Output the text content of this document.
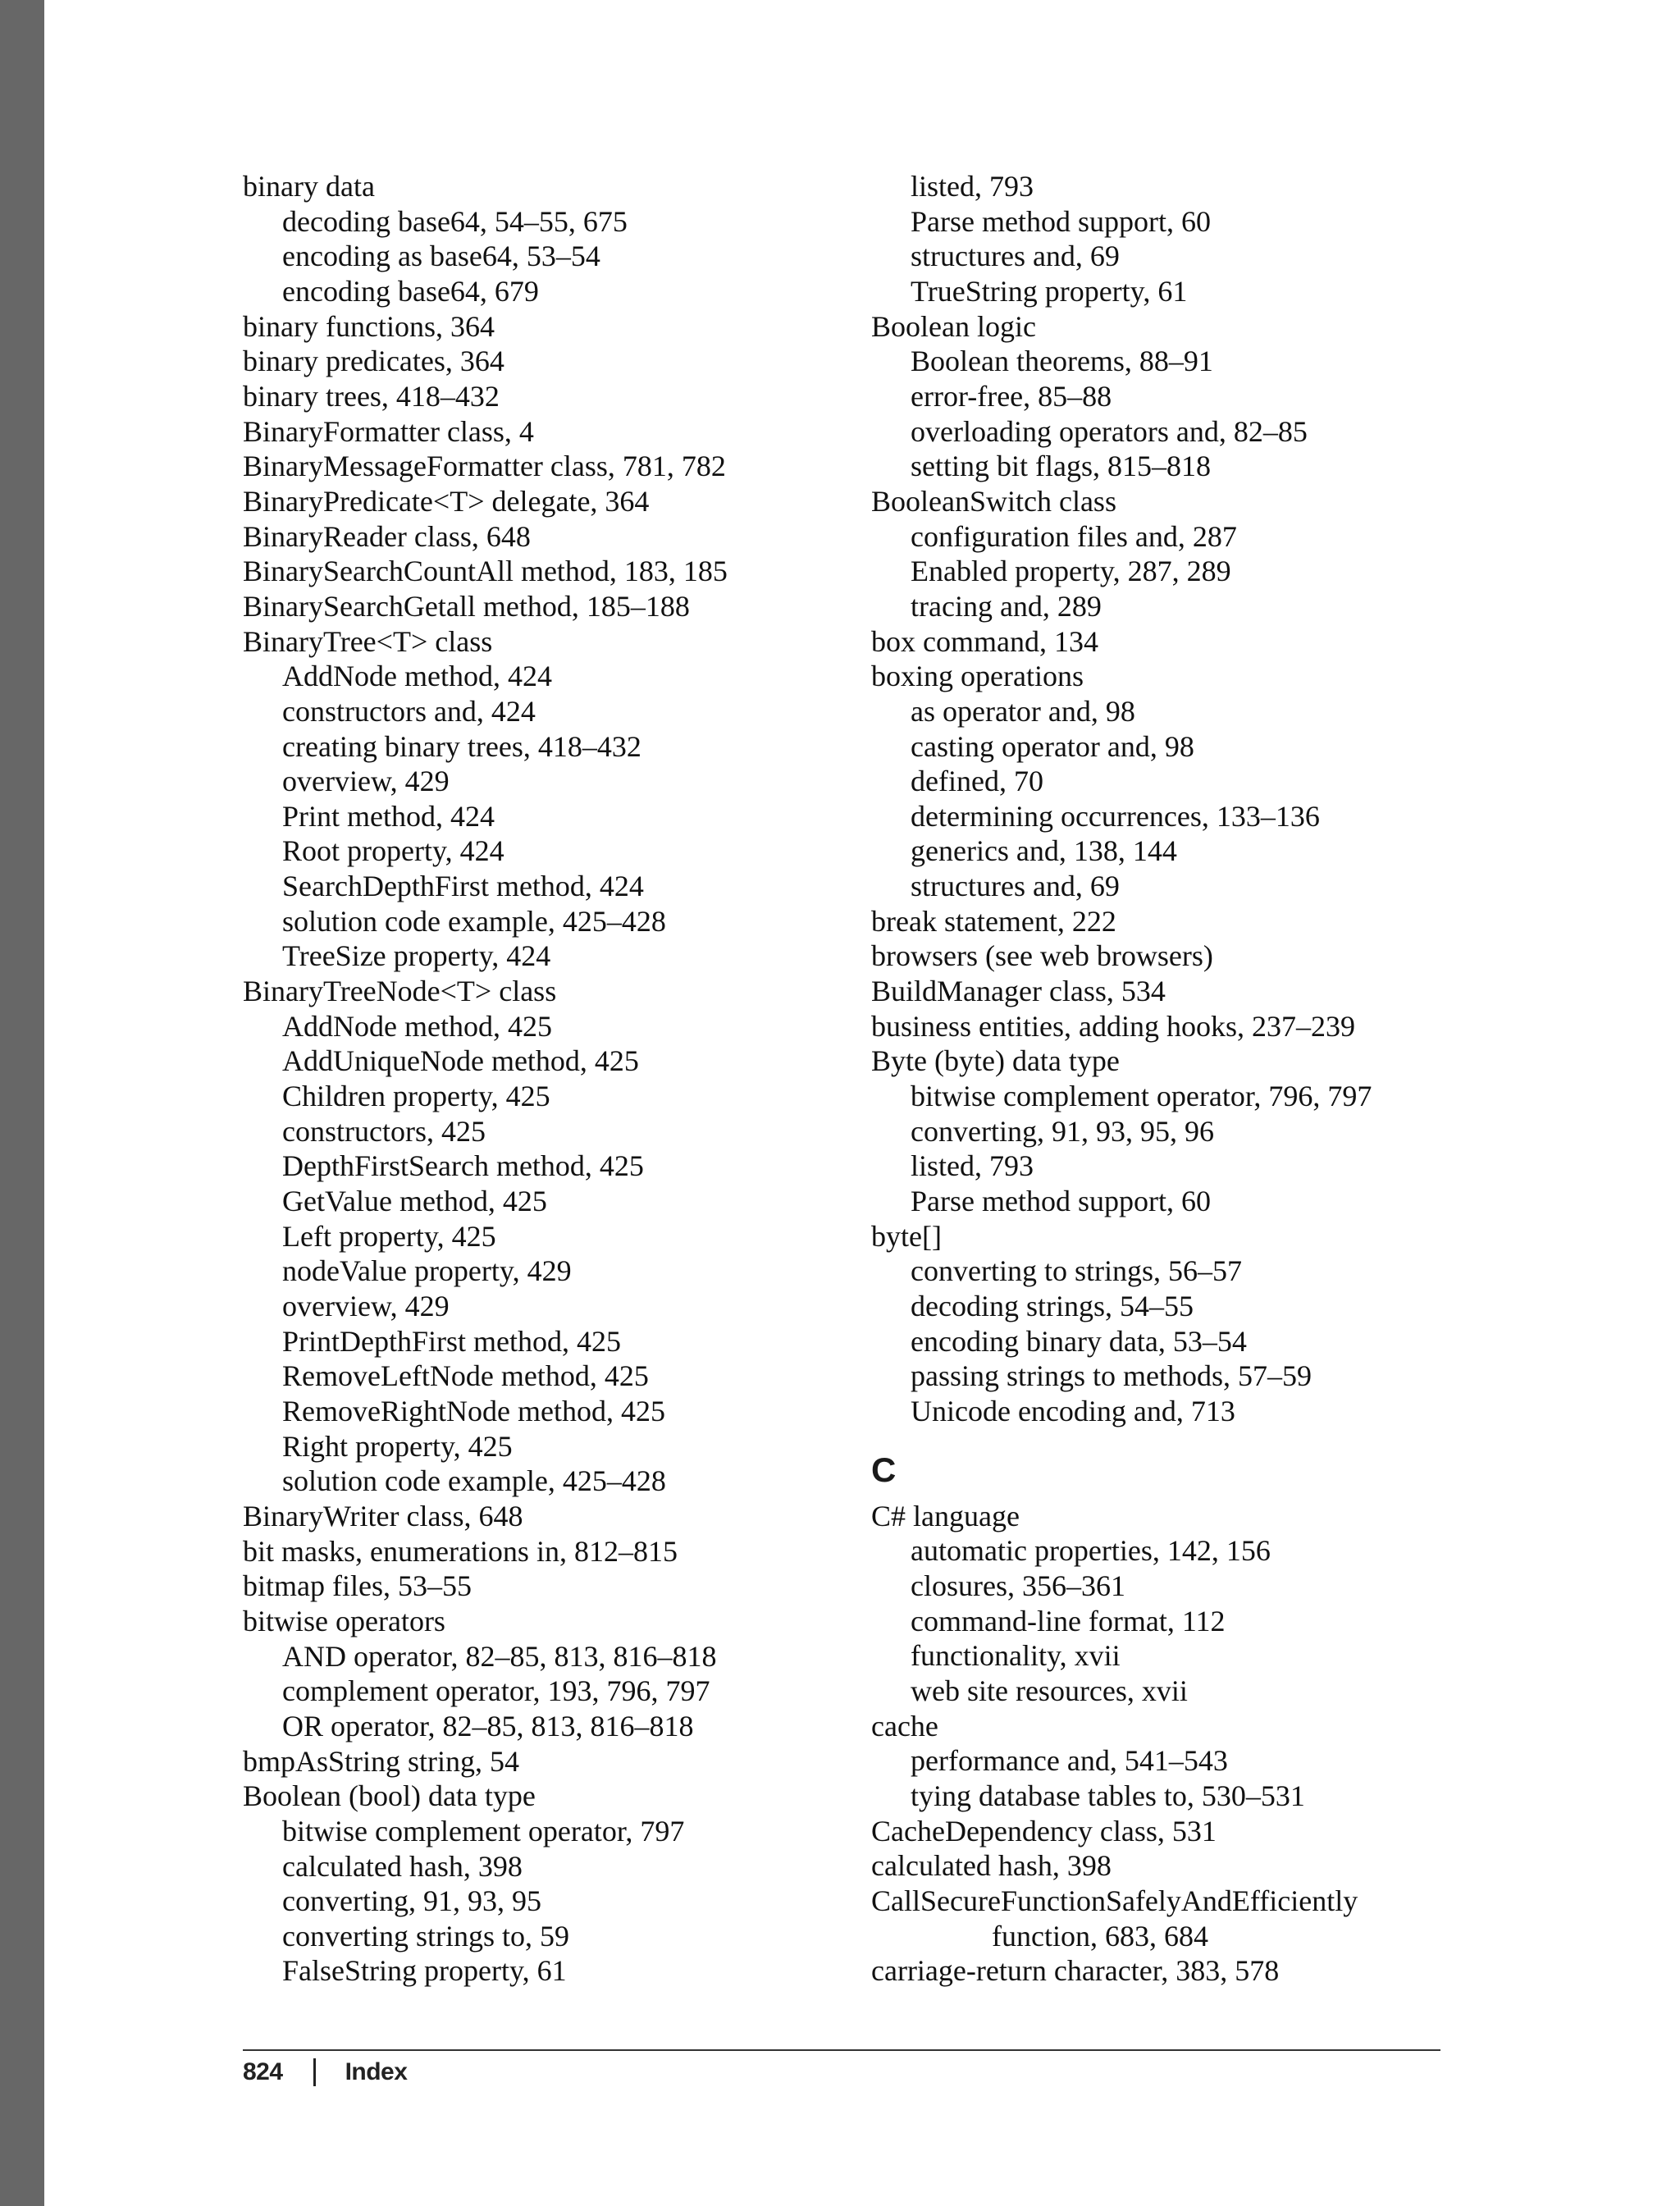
binary data
decoding base64, 54–55, 675
encoding as base64, 53–54
encoding base64, 679
binary functions, 364
binary predicates, 364
binary trees, 418–432
BinaryFormatter class, 4
BinaryMessageFormatter class, 781, 782
BinaryPredicate<T> delegate, 364
BinaryReader class, 648
BinarySearchCountAll method, 183, 185
BinarySearchGetall method, 185–188
BinaryTree<T> class
AddNode method, 424
constructors and, 424
creating binary trees, 418–432
overview, 429
Print method, 424
Root property, 424
SearchDepthFirst method, 424
solution code example, 425–428
TreeSize property, 424
BinaryTreeNode<T> class
AddNode method, 425
AddUniqueNode method, 425
Children property, 425
constructors, 425
DepthFirstSearch method, 425
GetValue method, 425
Left property, 425
nodeValue property, 429
overview, 429
PrintDepthFirst method, 425
RemoveLeftNode method, 425
RemoveRightNode method, 425
Right property, 425
solution code example, 425–428
BinaryWriter class, 648
bit masks, enumerations in, 812–815
bitmap files, 53–55
bitwise operators
AND operator, 82–85, 813, 816–818
complement operator, 193, 796, 797
OR operator, 82–85, 813, 816–818
bmpAsString string, 54
Boolean (bool) data type
bitwise complement operator, 797
calculated hash, 398
converting, 91, 93, 95
converting strings to, 59
FalseString property, 61
listed, 793
Parse method support, 60
structures and, 69
TrueString property, 61
Boolean logic
Boolean theorems, 88–91
error-free, 85–88
overloading operators and, 82–85
setting bit flags, 815–818
BooleanSwitch class
configuration files and, 287
Enabled property, 287, 289
tracing and, 289
box command, 134
boxing operations
as operator and, 98
casting operator and, 98
defined, 70
determining occurrences, 133–136
generics and, 138, 144
structures and, 69
break statement, 222
browsers (see web browsers)
BuildManager class, 534
business entities, adding hooks, 237–239
Byte (byte) data type
bitwise complement operator, 796, 797
converting, 91, 93, 95, 96
listed, 793
Parse method support, 60
byte[]
converting to strings, 56–57
decoding strings, 54–55
encoding binary data, 53–54
passing strings to methods, 57–59
Unicode encoding and, 713
C
C# language
automatic properties, 142, 156
closures, 356–361
command-line format, 112
functionality, xvii
web site resources, xvii
cache
performance and, 541–543
tying database tables to, 530–531
CacheDependency class, 531
calculated hash, 398
CallSecureFunctionSafelyAndEfficiently
function, 683, 684
carriage-return character, 383, 578
824	Index
